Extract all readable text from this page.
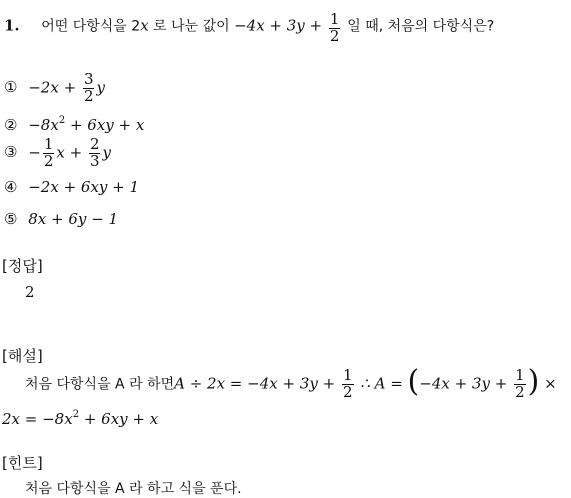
1. 어떤 다항식을 2x 로 나눈 값이 $-4x + 3y + \frac{1}{2}$ 일 때, 처음의 다항식은?
① $-2x + \frac{3}{2}$ y
② $-8x^2 + 6xy + x$
③ − $\frac{1}{2}$ $x + \frac{2}{3}$ y
④ −2x + 6xy + 1
⑤ 8x + 6y − 1
[정답]
2
[해설]
처음 다항식을 A 라 하면$A \div 2x = -4x + 3y + \frac{1}{2}$ ∴ $A = (-4x + 3y + \frac{1}{2}$ ) ×
$2x = -8x^2 + 6xy + x$
[힌트]
처음 다항식을 A 라 하고 식을 푼다.
